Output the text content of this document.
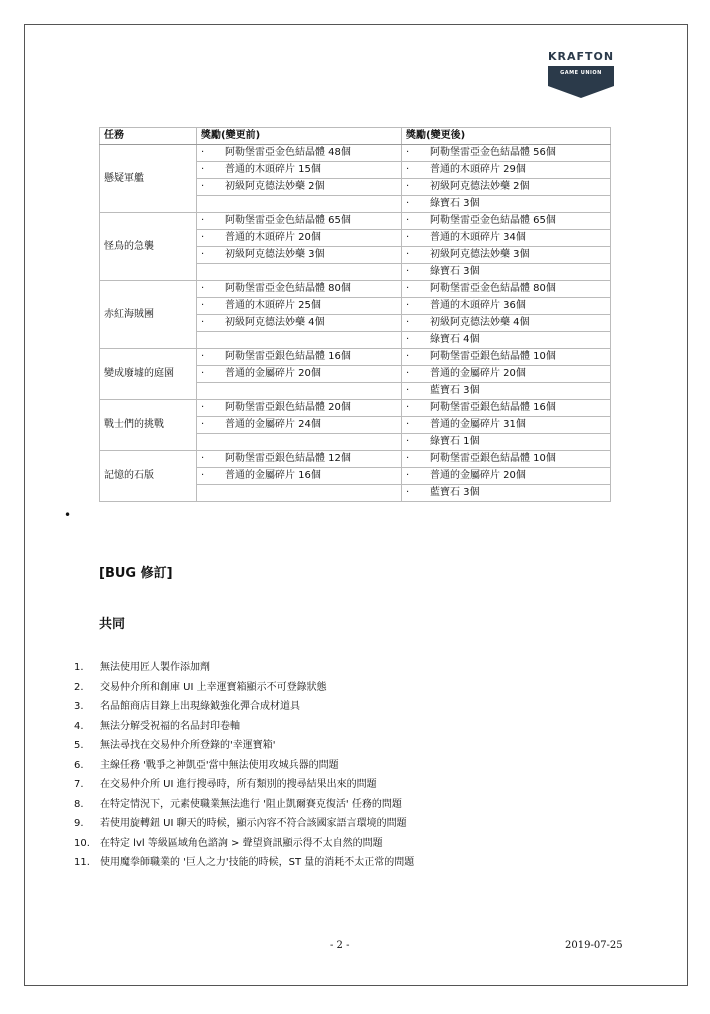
KRAFTON
GAME UNION
任務	獎勵(變更前)	獎勵(變更後)
懸疑軍艦	· 阿勒堡雷亞金色結晶體 48個	· 阿勒堡雷亞金色結晶體 56個
	· 普通的木頭碎片 15個	· 普通的木頭碎片 29個
	· 初級阿克德法妙藥 2個	· 初級阿克德法妙藥 2個
		· 綠寶石 3個
怪鳥的急襲	· 阿勒堡雷亞金色結晶體 65個	· 阿勒堡雷亞金色結晶體 65個
	· 普通的木頭碎片 20個	· 普通的木頭碎片 34個
	· 初級阿克德法妙藥 3個	· 初級阿克德法妙藥 3個
		· 綠寶石 3個
赤紅海賊團	· 阿勒堡雷亞金色結晶體 80個	· 阿勒堡雷亞金色結晶體 80個
	· 普通的木頭碎片 25個	· 普通的木頭碎片 36個
	· 初級阿克德法妙藥 4個	· 初級阿克德法妙藥 4個
		· 綠寶石 4個
變成廢墟的庭園	· 阿勒堡雷亞銀色結晶體 16個	· 阿勒堡雷亞銀色結晶體 10個
	· 普通的金屬碎片 20個	· 普通的金屬碎片 20個
		· 藍寶石 3個
戰士們的挑戰	· 阿勒堡雷亞銀色結晶體 20個	· 阿勒堡雷亞銀色結晶體 16個
	· 普通的金屬碎片 24個	· 普通的金屬碎片 31個
		· 綠寶石 1個
記憶的石版	· 阿勒堡雷亞銀色結晶體 12個	· 阿勒堡雷亞銀色結晶體 10個
	· 普通的金屬碎片 16個	· 普通的金屬碎片 20個
		· 藍寶石 3個
•
[BUG 修訂]
共同
1. 無法使用匠人製作添加劑
2. 交易仲介所和創庫 UI 上幸運寶箱顯示不可登錄狀態
3. 名品館商店目錄上出現綠鉞強化彈合成材道具
4. 無法分解受祝福的名品封印卷軸
5. 無法尋找在交易仲介所登錄的'幸運寶箱'
6. 主線任務 '戰爭之神凱亞'當中無法使用攻城兵器的問題
7. 在交易仲介所 UI 進行搜尋時，所有類別的搜尋結果出來的問題
8. 在特定情況下，元素使職業無法進行 '阻止凱爾賽克復活' 任務的問題
9. 若使用旋轉鈕 UI 聊天的時候，顯示內容不符合該國家語言環境的問題
10. 在特定 lvl 等級區域角色諮詢 > 聲望資訊顯示得不太自然的問題
11. 使用魔拳師職業的 '巨人之力'技能的時候，ST 量的消耗不太正常的問題
- 2 -	2019-07-25
